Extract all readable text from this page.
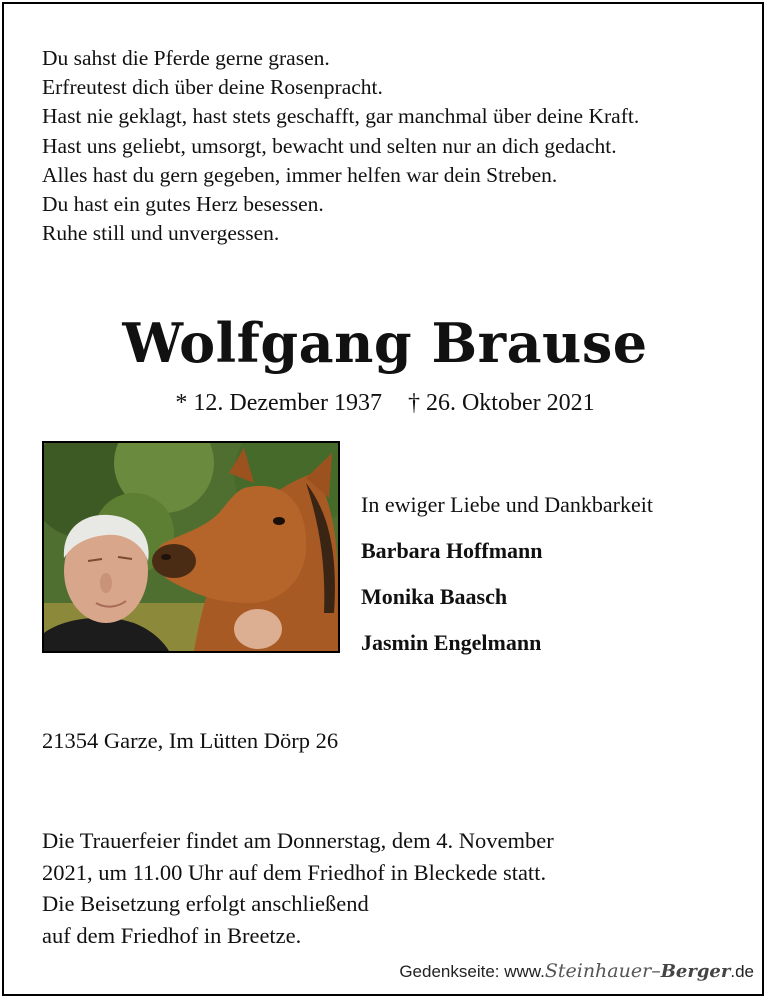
Du sahst die Pferde gerne grasen.
Erfreutest dich über deine Rosenpracht.
Hast nie geklagt, hast stets geschafft, gar manchmal über deine Kraft.
Hast uns geliebt, umsorgt, bewacht und selten nur an dich gedacht.
Alles hast du gern gegeben, immer helfen war dein Streben.
Du hast ein gutes Herz besessen.
Ruhe still und unvergessen.
Wolfgang Brause
* 12. Dezember 1937 † 26. Oktober 2021
In ewiger Liebe und Dankbarkeit
Barbara Hoffmann
Monika Baasch
Jasmin Engelmann
21354 Garze, Im Lütten Dörp 26
Die Trauerfeier findet am Donnerstag, dem 4. November
2021, um 11.00 Uhr auf dem Friedhof in Bleckede statt.
Die Beisetzung erfolgt anschließend
auf dem Friedhof in Breetze.
Gedenkseite: www.Steinhauer–Berger.de
